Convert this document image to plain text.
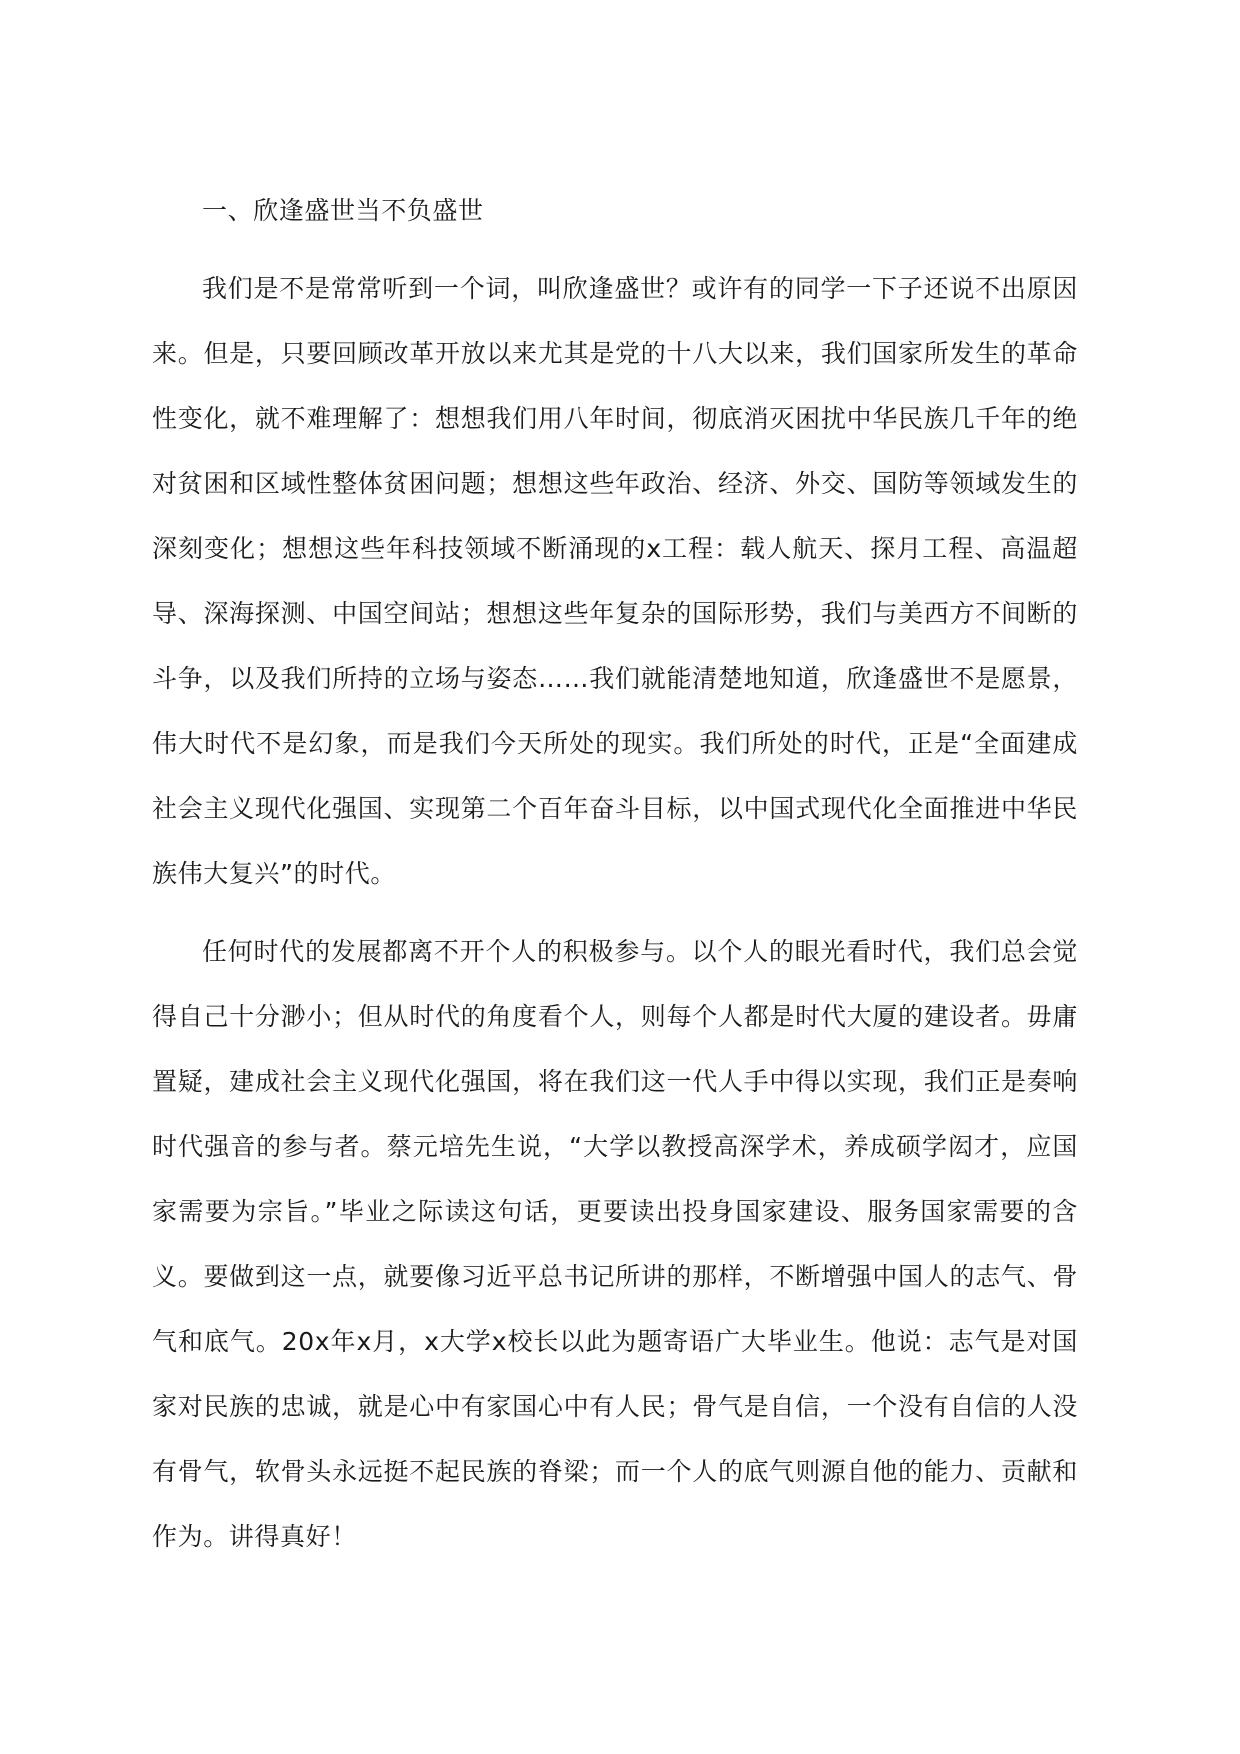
一、欣逢盛世当不负盛世

我们是不是常常听到一个词，叫欣逢盛世？或许有的同学一下子还说不出原因来。但是，只要回顾改革开放以来尤其是党的十八大以来，我们国家所发生的革命性变化，就不难理解了：想想我们用八年时间，彻底消灭困扰中华民族几千年的绝对贫困和区域性整体贫困问题；想想这些年政治、经济、外交、国防等领域发生的深刻变化；想想这些年科技领域不断涌现的x工程：载人航天、探月工程、高温超导、深海探测、中国空间站；想想这些年复杂的国际形势，我们与美西方不间断的斗争，以及我们所持的立场与姿态……我们就能清楚地知道，欣逢盛世不是愿景，伟大时代不是幻象，而是我们今天所处的现实。我们所处的时代，正是“全面建成社会主义现代化强国、实现第二个百年奋斗目标，以中国式现代化全面推进中华民族伟大复兴”的时代。

任何时代的发展都离不开个人的积极参与。以个人的眼光看时代，我们总会觉得自己十分渺小；但从时代的角度看个人，则每个人都是时代大厦的建设者。毋庸置疑，建成社会主义现代化强国，将在我们这一代人手中得以实现，我们正是奏响时代强音的参与者。蔡元培先生说，“大学以教授高深学术，养成硕学闳才，应国家需要为宗旨。”毕业之际读这句话，更要读出投身国家建设、服务国家需要的含义。要做到这一点，就要像习近平总书记所讲的那样，不断增强中国人的志气、骨气和底气。20x年x月，x大学x校长以此为题寄语广大毕业生。他说：志气是对国家对民族的忠诚，就是心中有家国心中有人民；骨气是自信，一个没有自信的人没有骨气，软骨头永远挺不起民族的脊梁；而一个人的底气则源自他的能力、贡献和作为。讲得真好！
